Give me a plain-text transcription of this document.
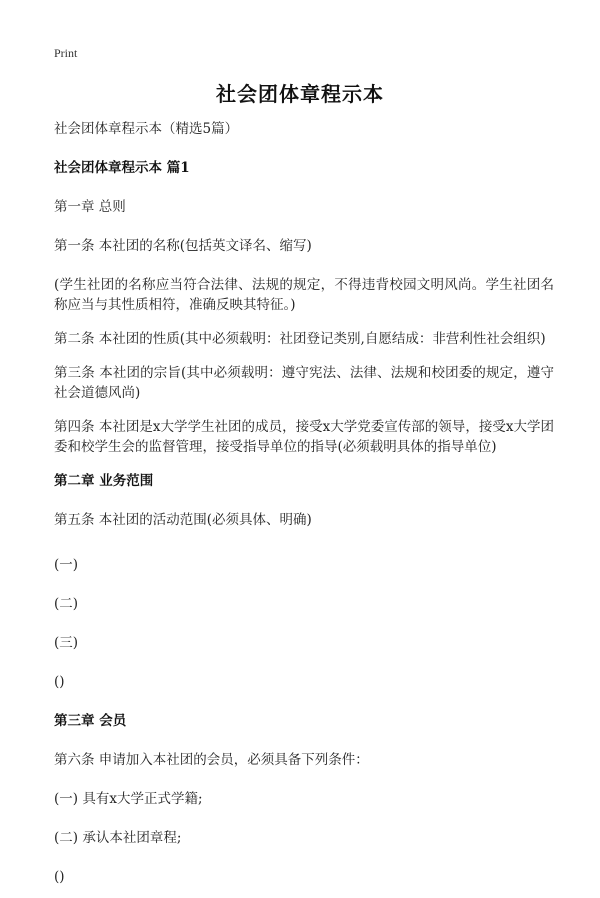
Print
社会团体章程示本

社会团体章程示本（精选5篇）

社会团体章程示本 篇1

第一章 总则

第一条 本社团的名称(包括英文译名、缩写)

(学生社团的名称应当符合法律、法规的规定，不得违背校园文明风尚。学生社团名称应当与其性质相符，准确反映其特征。)

第二条 本社团的性质(其中必须载明：社团登记类别,自愿结成：非营利性社会组织)

第三条 本社团的宗旨(其中必须载明：遵守宪法、法律、法规和校团委的规定，遵守社会道德风尚)

第四条 本社团是x大学学生社团的成员，接受x大学党委宣传部的领导，接受x大学团委和校学生会的监督管理，接受指导单位的指导(必须载明具体的指导单位)

第二章 业务范围

第五条 本社团的活动范围(必须具体、明确)

(一)

(二)

(三)

()

第三章 会员

第六条 申请加入本社团的会员，必须具备下列条件：

(一) 具有x大学正式学籍;

(二) 承认本社团章程;

()
